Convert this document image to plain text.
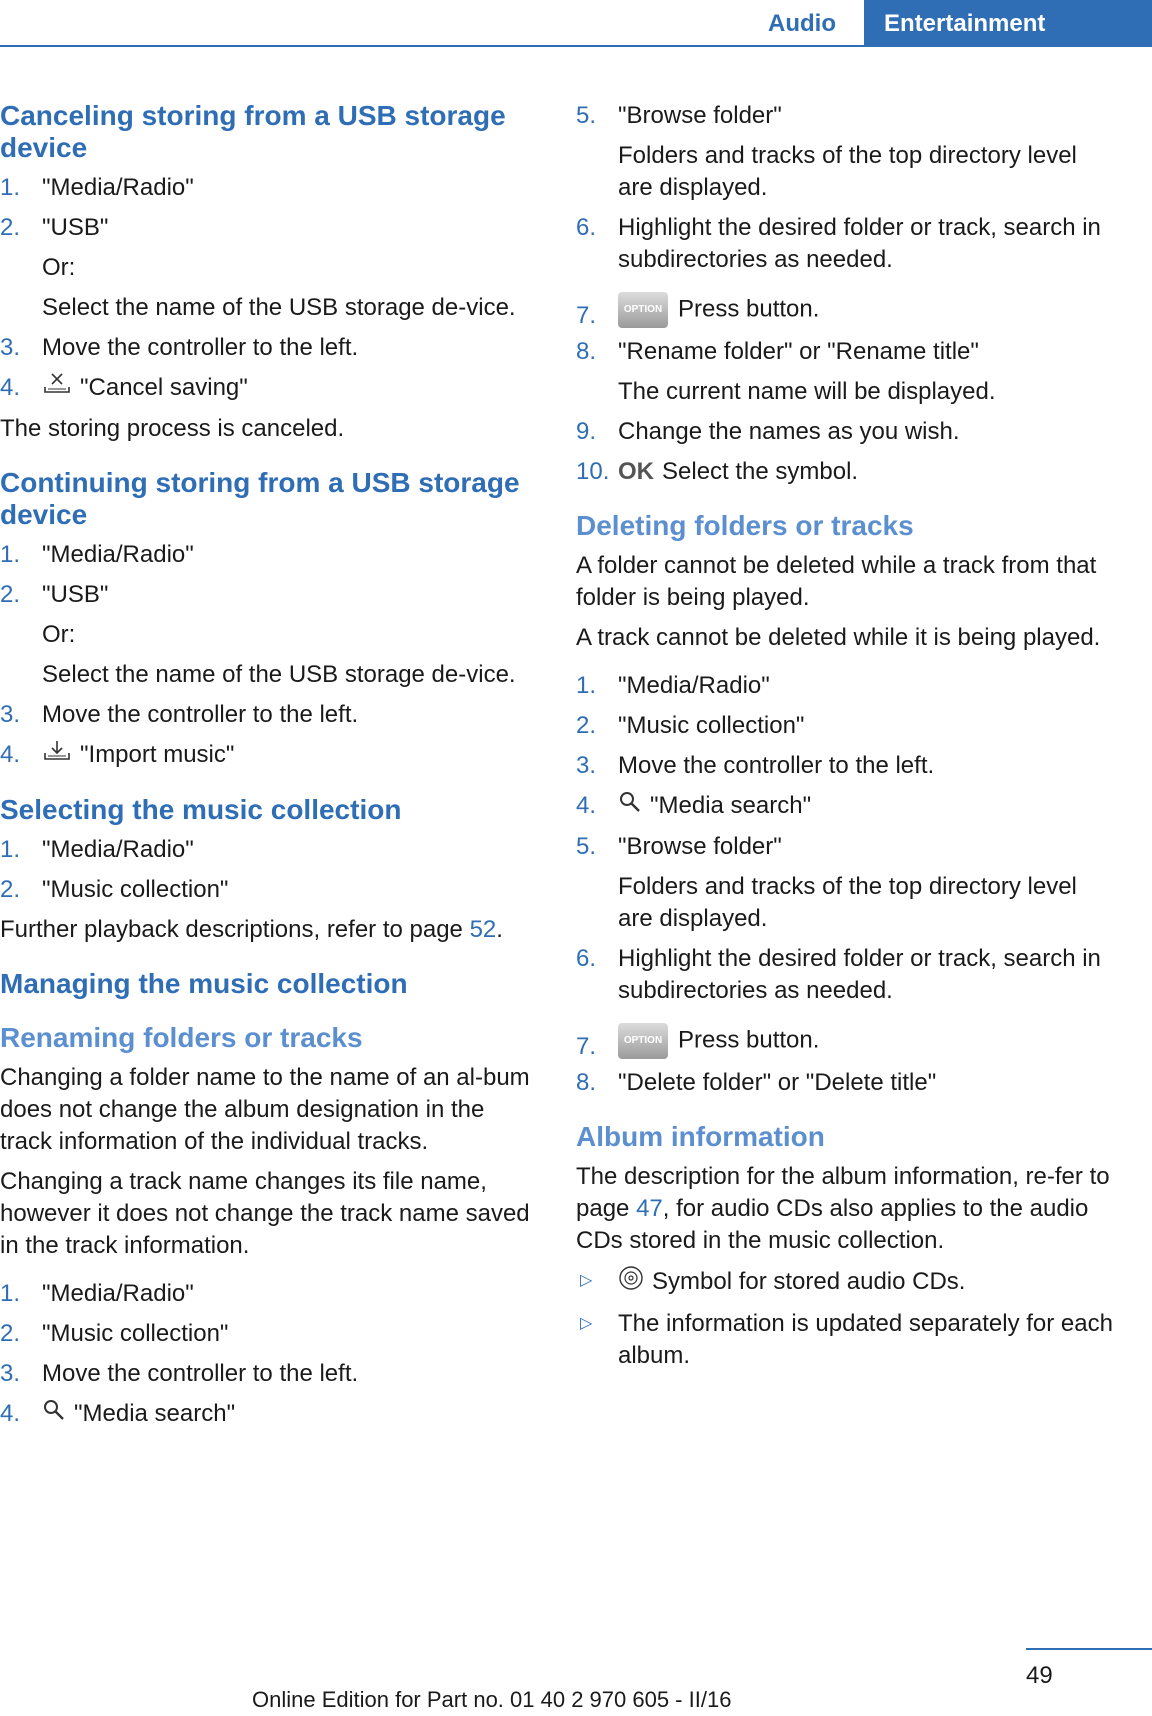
Audio Entertainment
Canceling storing from a USB storage device
1. "Media/Radio"
2. "USB"
Or:
Select the name of the USB storage de‐vice.
3. Move the controller to the left.
4. "Cancel saving"

The storing process is canceled.

Continuing storing from a USB storage device
1. "Media/Radio"
2. "USB"
Or:
Select the name of the USB storage de‐vice.
3. Move the controller to the left.
4. "Import music"
Selecting the music collection
1. "Media/Radio"
2. "Music collection"

Further playback descriptions, refer to page 52.

Managing the music collection
Renaming folders or tracks

Changing a folder name to the name of an al‐bum does not change the album designation in the track information of the individual tracks.

Changing a track name changes its file name, however it does not change the track name saved in the track information.

1. "Media/Radio"
2. "Music collection"
3. Move the controller to the left.
4. "Media search"
5. "Browse folder"
Folders and tracks of the top directory level are displayed.
6. Highlight the desired folder or track, search in subdirectories as needed.
7.	OPTION Press button.
8. "Rename folder" or "Rename title"
The current name will be displayed.
9. Change the names as you wish.
10. OK Select the symbol.
Deleting folders or tracks

A folder cannot be deleted while a track from that folder is being played.

A track cannot be deleted while it is being played.

1. "Media/Radio"
2. "Music collection"
3. Move the controller to the left.
4. "Media search"
5. "Browse folder"
Folders and tracks of the top directory level are displayed.
6. Highlight the desired folder or track, search in subdirectories as needed.
7.	OPTION Press button.
8. "Delete folder" or "Delete title"
Album information

The description for the album information, re‐fer to page 47, for audio CDs also applies to the audio CDs stored in the music collection.

▷ Symbol for stored audio CDs.
▷ The information is updated separately for each album.
49
Online Edition for Part no. 01 40 2 970 605 - II/16
